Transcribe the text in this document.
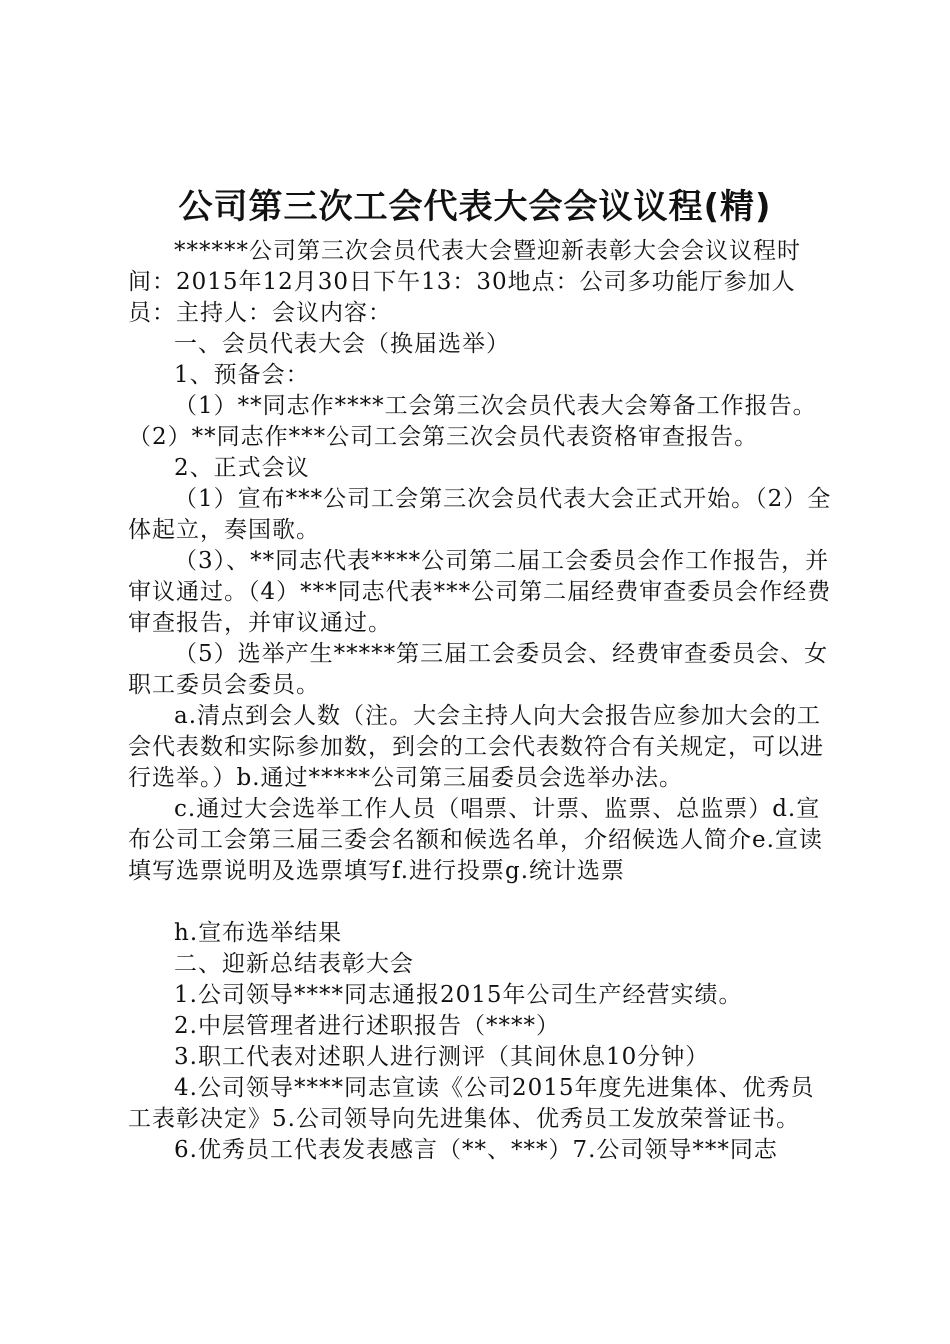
公司第三次工会代表大会会议议程(精)

******公司第三次会员代表大会暨迎新表彰大会会议议程时间：2015年12月30日下午13：30地点：公司多功能厅参加人员：主持人：会议内容：

一、会员代表大会（换届选举）

1、预备会：

（1）**同志作****工会第三次会员代表大会筹备工作报告。（2）**同志作***公司工会第三次会员代表资格审查报告。

2、正式会议

（1）宣布***公司工会第三次会员代表大会正式开始。（2）全体起立，奏国歌。

（3）、**同志代表****公司第二届工会委员会作工作报告，并审议通过。（4）***同志代表***公司第二届经费审查委员会作经费审查报告，并审议通过。

（5）选举产生*****第三届工会委员会、经费审查委员会、女职工委员会委员。

a.清点到会人数（注。大会主持人向大会报告应参加大会的工会代表数和实际参加数，到会的工会代表数符合有关规定，可以进行选举。）b.通过*****公司第三届委员会选举办法。

c.通过大会选举工作人员（唱票、计票、监票、总监票）d.宣布公司工会第三届三委会名额和候选名单，介绍候选人简介e.宣读填写选票说明及选票填写f.进行投票g.统计选票

h.宣布选举结果

二、迎新总结表彰大会

1.公司领导****同志通报2015年公司生产经营实绩。

2.中层管理者进行述职报告（****）

3.职工代表对述职人进行测评（其间休息10分钟）

4.公司领导****同志宣读《公司2015年度先进集体、优秀员工表彰决定》5.公司领导向先进集体、优秀员工发放荣誉证书。

6.优秀员工代表发表感言（**、***）7.公司领导***同志
